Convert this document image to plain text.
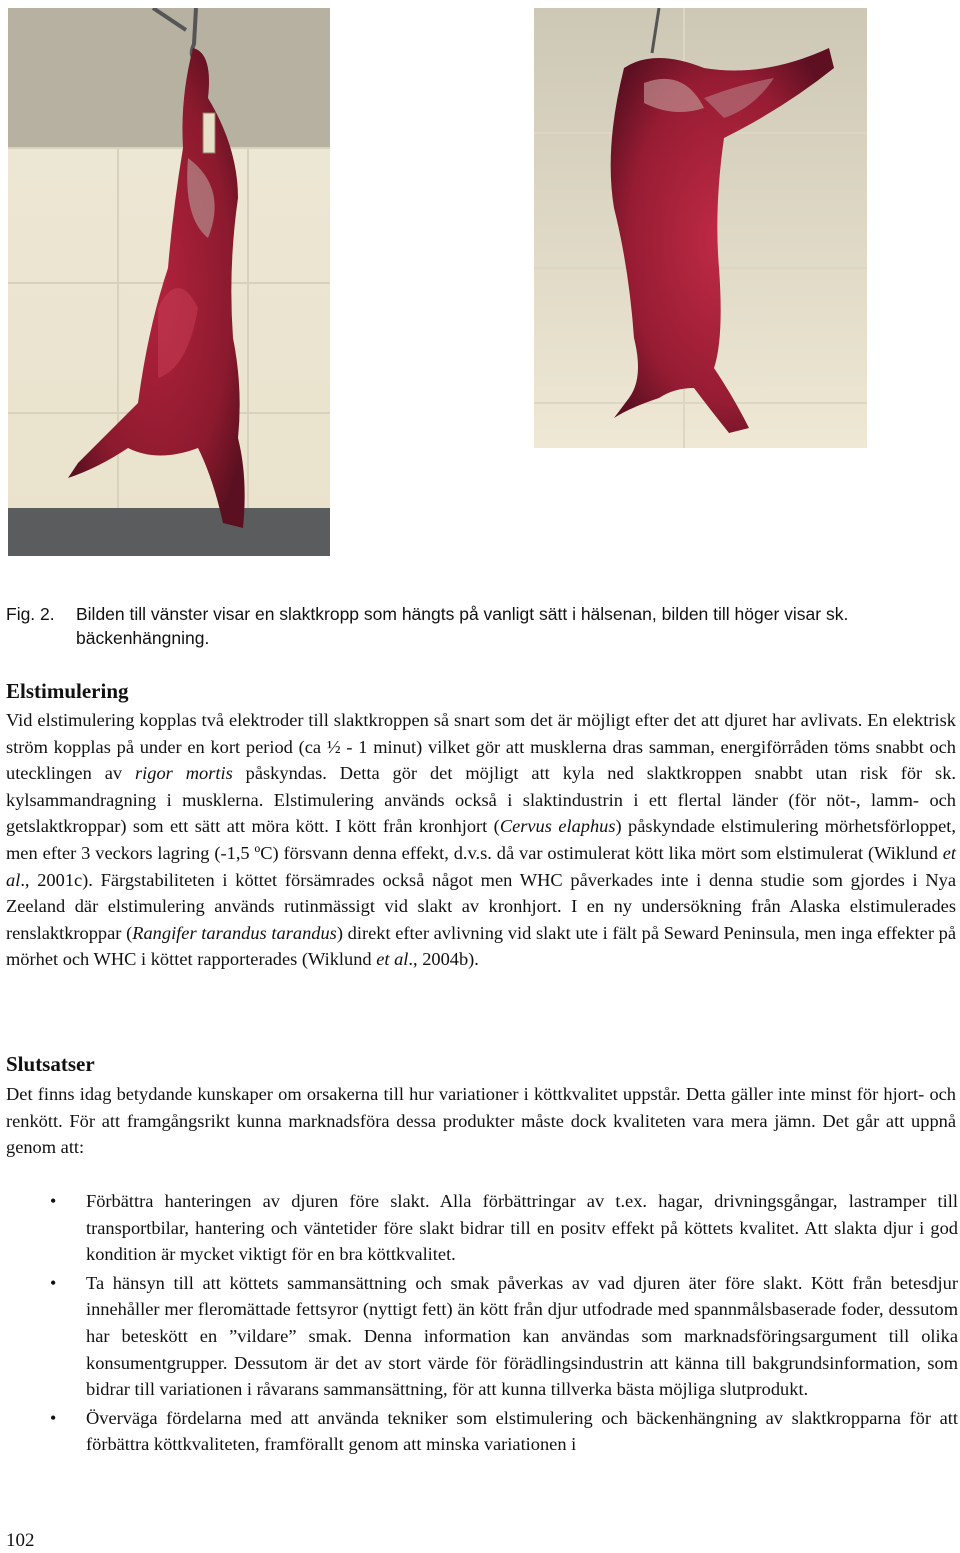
Fig. 2. Bilden till vänster visar en slaktkropp som hängts på vanligt sätt i hälsenan, bilden till höger visar sk.
bäckenhängning.
Elstimulering

Vid elstimulering kopplas två elektroder till slaktkroppen så snart som det är möjligt efter det att djuret har avlivats. En elektrisk ström kopplas på under en kort period (ca ½ - 1 minut) vilket gör att musklerna dras samman, energiförråden töms snabbt och utecklingen av rigor mortis påskyndas. Detta gör det möjligt att kyla ned slaktkroppen snabbt utan risk för sk. kylsammandragning i musklerna. Elstimulering används också i slaktindustrin i ett flertal länder (för nöt-, lamm- och getslaktkroppar) som ett sätt att möra kött. I kött från kronhjort (Cervus elaphus) påskyndade elstimulering mörhetsförloppet, men efter 3 veckors lagring (-1,5 ºC) försvann denna effekt, d.v.s. då var ostimulerat kött lika mört som elstimulerat (Wiklund et al., 2001c). Färgstabiliteten i köttet försämrades också något men WHC påverkades inte i denna studie som gjordes i Nya Zeeland där elstimulering används rutinmässigt vid slakt av kronhjort. I en ny undersökning från Alaska elstimulerades renslaktkroppar (Rangifer tarandus tarandus) direkt efter avlivning vid slakt ute i fält på Seward Peninsula, men inga effekter på mörhet och WHC i köttet rapporterades (Wiklund et al., 2004b).

Slutsatser

Det finns idag betydande kunskaper om orsakerna till hur variationer i köttkvalitet uppstår. Detta gäller inte minst för hjort- och renkött. För att framgångsrikt kunna marknadsföra dessa produkter måste dock kvaliteten vara mera jämn. Det går att uppnå genom att:

• Förbättra hanteringen av djuren före slakt. Alla förbättringar av t.ex. hagar, drivningsgångar, lastramper till transportbilar, hantering och väntetider före slakt bidrar till en positv effekt på köttets kvalitet. Att slakta djur i god kondition är mycket viktigt för en bra köttkvalitet.
• Ta hänsyn till att köttets sammansättning och smak påverkas av vad djuren äter före slakt. Kött från betesdjur innehåller mer fleromättade fettsyror (nyttigt fett) än kött från djur utfodrade med spannmålsbaserade foder, dessutom har beteskött en ”vildare” smak. Denna information kan användas som marknadsföringsargument till olika konsumentgrupper. Dessutom är det av stort värde för förädlingsindustrin att känna till bakgrundsinformation, som bidrar till variationen i råvarans sammansättning, för att kunna tillverka bästa möjliga slutprodukt.
• Överväga fördelarna med att använda tekniker som elstimulering och bäckenhängning av slaktkropparna för att förbättra köttkvaliteten, framförallt genom att minska variationen i
102
